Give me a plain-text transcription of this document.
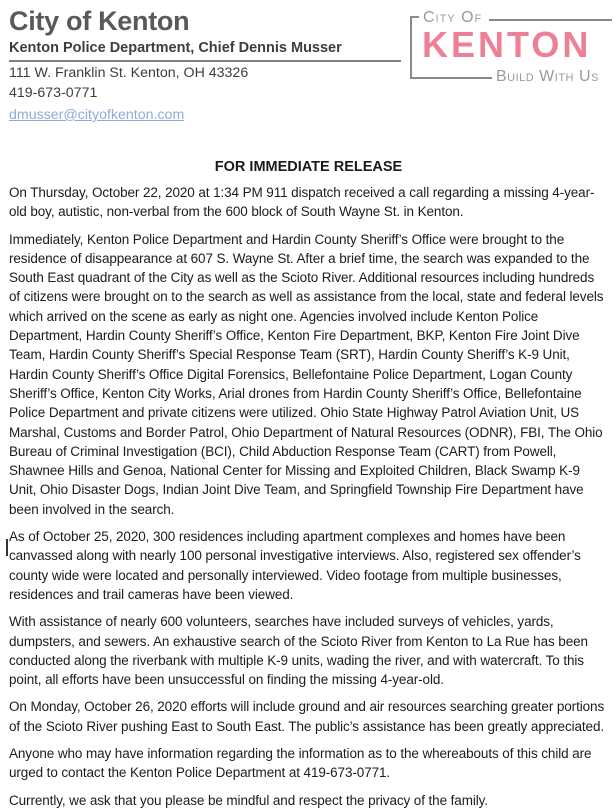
City of Kenton
Kenton Police Department, Chief Dennis Musser
111 W. Franklin St. Kenton, OH 43326
419-673-0771
dmusser@cityofkenton.com
City Of
KENTON
Build With Us
FOR IMMEDIATE RELEASE

On Thursday, October 22, 2020 at 1:34 PM 911 dispatch received a call regarding a missing 4-year-old boy, autistic, non-verbal from the 600 block of South Wayne St. in Kenton.

Immediately, Kenton Police Department and Hardin County Sheriff’s Office were brought to the residence of disappearance at 607 S. Wayne St. After a brief time, the search was expanded to the South East quadrant of the City as well as the Scioto River. Additional resources including hundreds of citizens were brought on to the search as well as assistance from the local, state and federal levels which arrived on the scene as early as night one. Agencies involved include Kenton Police Department, Hardin County Sheriff’s Office, Kenton Fire Department, BKP, Kenton Fire Joint Dive Team, Hardin County Sheriff’s Special Response Team (SRT), Hardin County Sheriff’s K-9 Unit, Hardin County Sheriff’s Office Digital Forensics, Bellefontaine Police Department, Logan County Sheriff’s Office, Kenton City Works, Arial drones from Hardin County Sheriff’s Office, Bellefontaine Police Department and private citizens were utilized. Ohio State Highway Patrol Aviation Unit, US Marshal, Customs and Border Patrol, Ohio Department of Natural Resources (ODNR), FBI, The Ohio Bureau of Criminal Investigation (BCI), Child Abduction Response Team (CART) from Powell, Shawnee Hills and Genoa, National Center for Missing and Exploited Children, Black Swamp K-9 Unit, Ohio Disaster Dogs, Indian Joint Dive Team, and Springfield Township Fire Department have been involved in the search.

As of October 25, 2020, 300 residences including apartment complexes and homes have been canvassed along with nearly 100 personal investigative interviews. Also, registered sex offender’s county wide were located and personally interviewed. Video footage from multiple businesses, residences and trail cameras have been viewed.

With assistance of nearly 600 volunteers, searches have included surveys of vehicles, yards, dumpsters, and sewers. An exhaustive search of the Scioto River from Kenton to La Rue has been conducted along the riverbank with multiple K-9 units, wading the river, and with watercraft. To this point, all efforts have been unsuccessful on finding the missing 4-year-old.

On Monday, October 26, 2020 efforts will include ground and air resources searching greater portions of the Scioto River pushing East to South East. The public’s assistance has been greatly appreciated.

Anyone who may have information regarding the information as to the whereabouts of this child are urged to contact the Kenton Police Department at 419-673-0771.

Currently, we ask that you please be mindful and respect the privacy of the family.
